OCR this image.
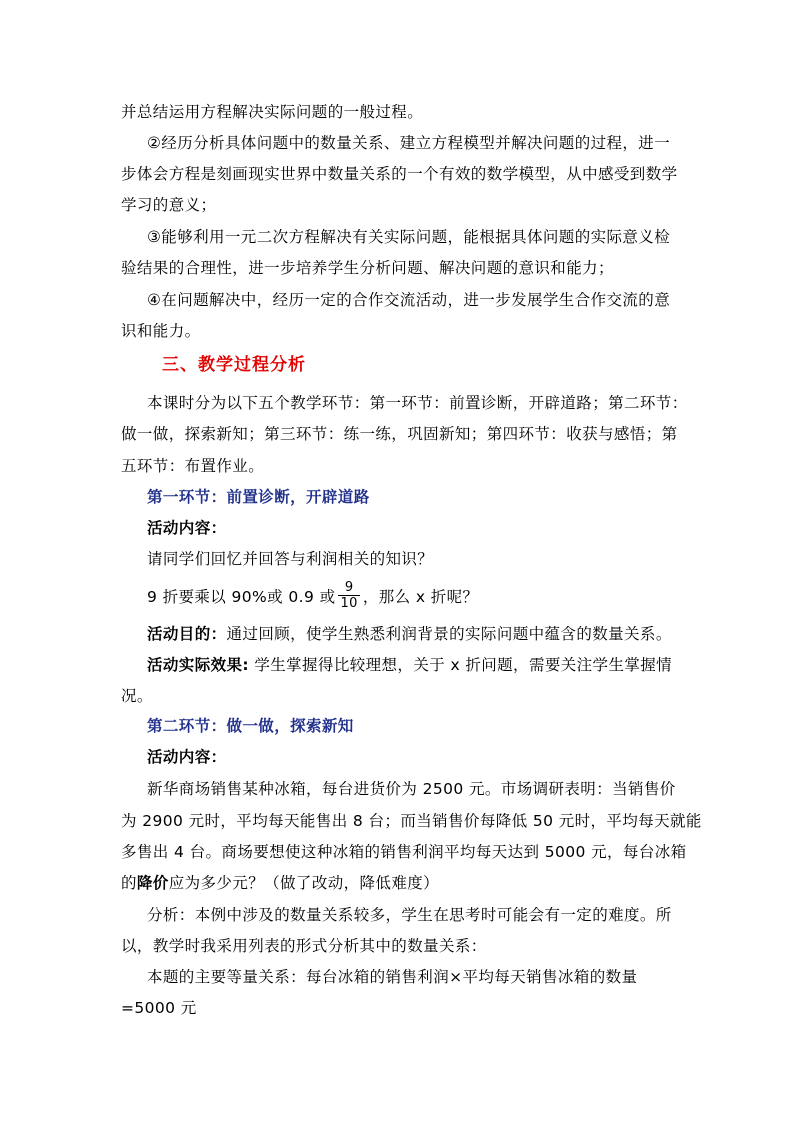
并总结运用方程解决实际问题的一般过程。
②经历分析具体问题中的数量关系、建立方程模型并解决问题的过程，进一
步体会方程是刻画现实世界中数量关系的一个有效的数学模型，从中感受到数学
学习的意义；
③能够利用一元二次方程解决有关实际问题，能根据具体问题的实际意义检
验结果的合理性，进一步培养学生分析问题、解决问题的意识和能力；
④在问题解决中，经历一定的合作交流活动，进一步发展学生合作交流的意
识和能力。
三、教学过程分析
本课时分为以下五个教学环节：第一环节：前置诊断，开辟道路；第二环节：
做一做，探索新知；第三环节：练一练，巩固新知；第四环节：收获与感悟；第
五环节：布置作业。
第一环节：前置诊断，开辟道路
活动内容：
请同学们回忆并回答与利润相关的知识？
9 折要乘以 90%或 0.9 或 $\frac{9}{10}$ ，那么 x 折呢？
活动目的：通过回顾，使学生熟悉利润背景的实际问题中蕴含的数量关系。
活动实际效果: 学生掌握得比较理想，关于 x 折问题，需要关注学生掌握情
况。
第二环节：做一做，探索新知
活动内容：
新华商场销售某种冰箱，每台进货价为 2500 元。市场调研表明：当销售价
为 2900 元时，平均每天能售出 8 台；而当销售价每降低 50 元时，平均每天就能
多售出 4 台。商场要想使这种冰箱的销售利润平均每天达到 5000 元，每台冰箱
的降价应为多少元？（做了改动，降低难度）
分析：本例中涉及的数量关系较多，学生在思考时可能会有一定的难度。所
以，教学时我采用列表的形式分析其中的数量关系：
本题的主要等量关系：每台冰箱的销售利润×平均每天销售冰箱的数量
=5000 元
